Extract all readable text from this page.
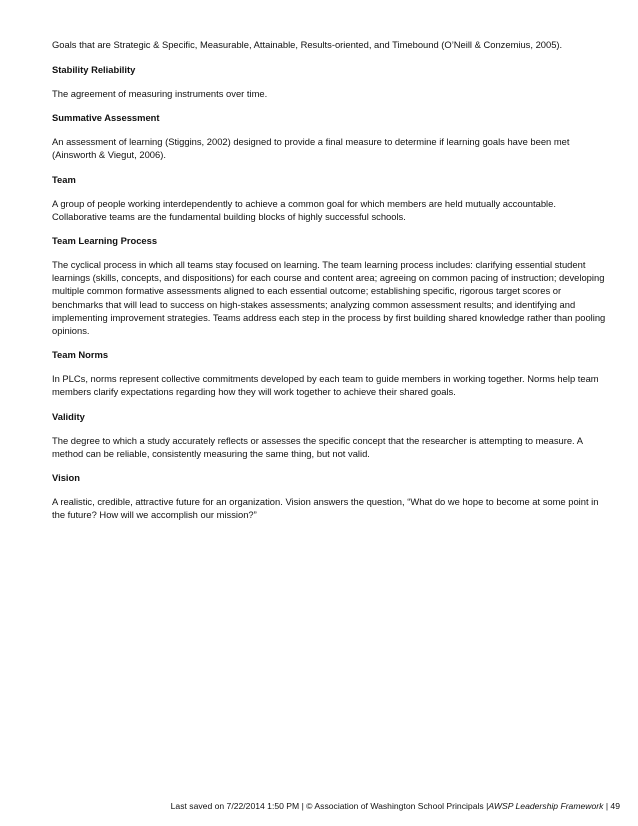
Goals that are Strategic & Specific, Measurable, Attainable, Results-oriented, and Timebound (O’Neill & Conzemius, 2005).

Stability Reliability

The agreement of measuring instruments over time.

Summative Assessment

An assessment of learning (Stiggins, 2002) designed to provide a final measure to determine if learning goals have been met (Ainsworth & Viegut, 2006).

Team

A group of people working interdependently to achieve a common goal for which members are held mutually accountable. Collaborative teams are the fundamental building blocks of highly successful schools.

Team Learning Process

The cyclical process in which all teams stay focused on learning. The team learning process includes: clarifying essential student learnings (skills, concepts, and dispositions) for each course and content area; agreeing on common pacing of instruction; developing multiple common formative assessments aligned to each essential outcome; establishing specific, rigorous target scores or benchmarks that will lead to success on high-stakes assessments; analyzing common assessment results; and identifying and implementing improvement strategies. Teams address each step in the process by first building shared knowledge rather than pooling opinions.

Team Norms

In PLCs, norms represent collective commitments developed by each team to guide members in working together. Norms help team members clarify expectations regarding how they will work together to achieve their shared goals.

Validity

The degree to which a study accurately reflects or assesses the specific concept that the researcher is attempting to measure. A method can be reliable, consistently measuring the same thing, but not valid.

Vision

A realistic, credible, attractive future for an organization. Vision answers the question, “What do we hope to become at some point in the future? How will we accomplish our mission?”

Last saved on 7/22/2014 1:50 PM | © Association of Washington School Principals |AWSP Leadership Framework | 49
